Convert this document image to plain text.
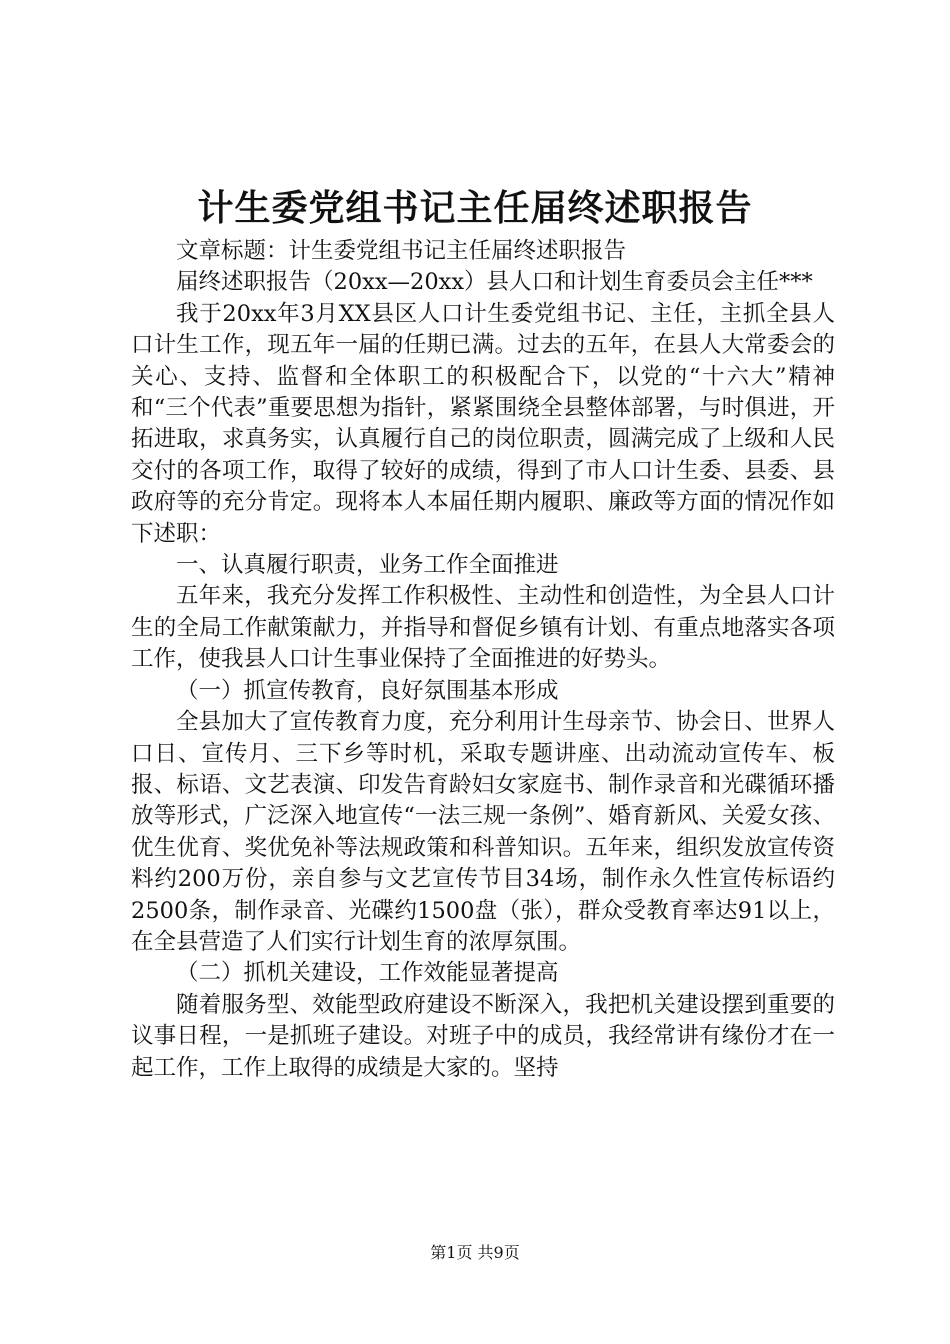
计生委党组书记主任届终述职报告

文章标题：计生委党组书记主任届终述职报告

届终述职报告（20xx—20xx）县人口和计划生育委员会主任***

我于20xx年3月XX县区人口计生委党组书记、主任，主抓全县人口计生工作，现五年一届的任期已满。过去的五年，在县人大常委会的关心、支持、监督和全体职工的积极配合下，以党的“十六大”精神和“三个代表”重要思想为指针，紧紧围绕全县整体部署，与时俱进，开拓进取，求真务实，认真履行自己的岗位职责，圆满完成了上级和人民交付的各项工作，取得了较好的成绩，得到了市人口计生委、县委、县政府等的充分肯定。现将本人本届任期内履职、廉政等方面的情况作如下述职：

一、认真履行职责，业务工作全面推进

五年来，我充分发挥工作积极性、主动性和创造性，为全县人口计生的全局工作献策献力，并指导和督促乡镇有计划、有重点地落实各项工作，使我县人口计生事业保持了全面推进的好势头。

（一）抓宣传教育，良好氛围基本形成

全县加大了宣传教育力度，充分利用计生母亲节、协会日、世界人口日、宣传月、三下乡等时机，采取专题讲座、出动流动宣传车、板报、标语、文艺表演、印发告育龄妇女家庭书、制作录音和光碟循环播放等形式，广泛深入地宣传“一法三规一条例”、婚育新风、关爱女孩、优生优育、奖优免补等法规政策和科普知识。五年来，组织发放宣传资料约200万份，亲自参与文艺宣传节目34场，制作永久性宣传标语约2500条，制作录音、光碟约1500盘（张），群众受教育率达91以上，在全县营造了人们实行计划生育的浓厚氛围。

（二）抓机关建设，工作效能显著提高

随着服务型、效能型政府建设不断深入，我把机关建设摆到重要的议事日程，一是抓班子建设。对班子中的成员，我经常讲有缘份才在一起工作，工作上取得的成绩是大家的。坚持

第1页 共9页
